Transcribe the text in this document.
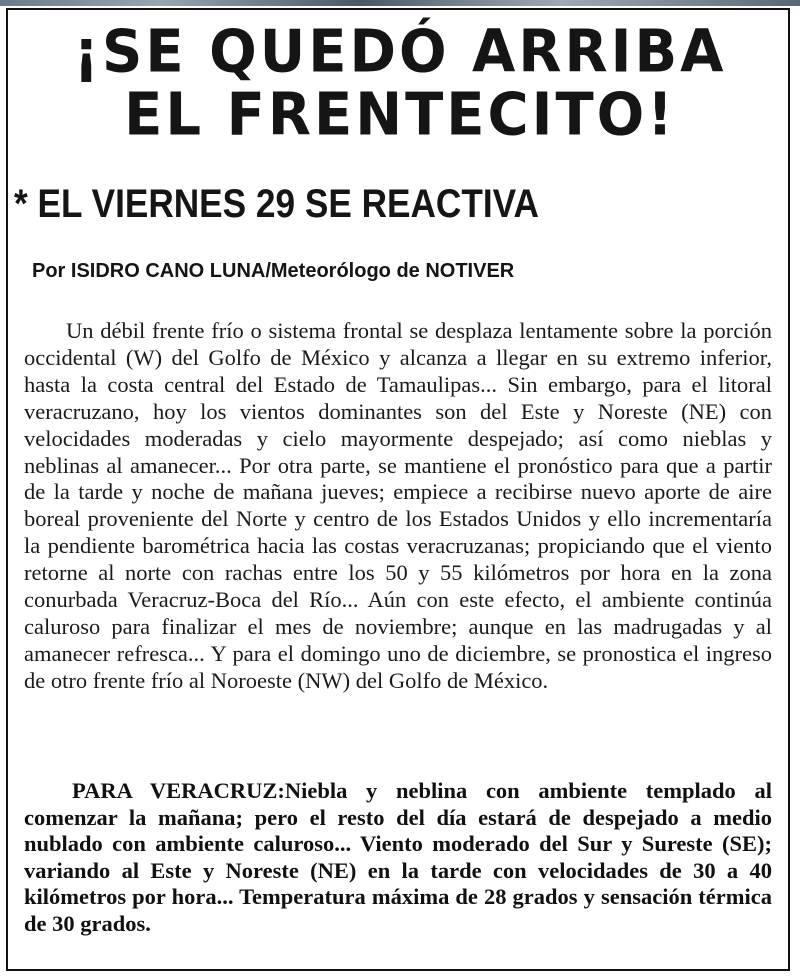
¡SE QUEDÓ ARRIBA
EL FRENTECITO!
* EL VIERNES 29 SE REACTIVA

Por ISIDRO CANO LUNA/Meteorólogo de NOTIVER

Un débil frente frío o sistema frontal se desplaza lentamente sobre la porción occidental (W) del Golfo de México y alcanza a llegar en su extremo inferior, hasta la costa central del Estado de Tamaulipas... Sin embargo, para el litoral veracruzano, hoy los vientos dominantes son del Este y Noreste (NE) con velocidades moderadas y cielo mayormente despejado; así como nieblas y neblinas al amanecer... Por otra parte, se mantiene el pronóstico para que a partir de la tarde y noche de mañana jueves; empiece a recibirse nuevo aporte de aire boreal proveniente del Norte y centro de los Estados Unidos y ello incrementaría la pendiente barométrica hacia las costas veracruzanas; propiciando que el viento retorne al norte con rachas entre los 50 y 55 kilómetros por hora en la zona conurbada Veracruz-Boca del Río... Aún con este efecto, el ambiente continúa caluroso para finalizar el mes de noviembre; aunque en las madrugadas y al amanecer refresca... Y para el domingo uno de diciembre, se pronostica el ingreso de otro frente frío al Noroeste (NW) del Golfo de México.

PARA VERACRUZ:Niebla y neblina con ambiente templado al comenzar la mañana; pero el resto del día estará de despejado a medio nublado con ambiente caluroso... Viento moderado del Sur y Sureste (SE); variando al Este y Noreste (NE) en la tarde con velocidades de 30 a 40 kilómetros por hora... Temperatura máxima de 28 grados y sensación térmica de 30 grados.
